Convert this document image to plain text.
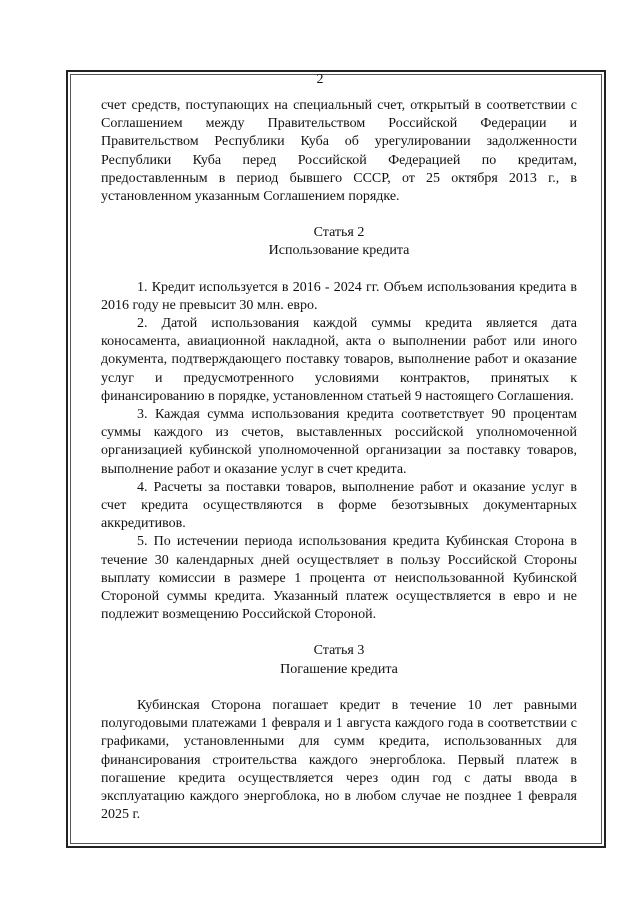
2

счет средств, поступающих на специальный счет, открытый в соответствии с Соглашением между Правительством Российской Федерации и Правительством Республики Куба об урегулировании задолженности Республики Куба перед Российской Федерацией по кредитам, предоставленным в период бывшего СССР, от 25 октября 2013 г., в установленном указанным Соглашением порядке.

Статья 2

Использование кредита

1. Кредит используется в 2016 - 2024 гг. Объем использования кредита в 2016 году не превысит 30 млн. евро.

2. Датой использования каждой суммы кредита является дата коносамента, авиационной накладной, акта о выполнении работ или иного документа, подтверждающего поставку товаров, выполнение работ и оказание услуг и предусмотренного условиями контрактов, принятых к финансированию в порядке, установленном статьей 9 настоящего Соглашения.

3. Каждая сумма использования кредита соответствует 90 процентам суммы каждого из счетов, выставленных российской уполномоченной организацией кубинской уполномоченной организации за поставку товаров, выполнение работ и оказание услуг в счет кредита.

4. Расчеты за поставки товаров, выполнение работ и оказание услуг в счет кредита осуществляются в форме безотзывных документарных аккредитивов.

5. По истечении периода использования кредита Кубинская Сторона в течение 30 календарных дней осуществляет в пользу Российской Стороны выплату комиссии в размере 1 процента от неиспользованной Кубинской Стороной суммы кредита. Указанный платеж осуществляется в евро и не подлежит возмещению Российской Стороной.

Статья 3

Погашение кредита

Кубинская Сторона погашает кредит в течение 10 лет равными полугодовыми платежами 1 февраля и 1 августа каждого года в соответствии с графиками, установленными для сумм кредита, использованных для финансирования строительства каждого энергоблока. Первый платеж в погашение кредита осуществляется через один год с даты ввода в эксплуатацию каждого энергоблока, но в любом случае не позднее 1 февраля 2025 г.
